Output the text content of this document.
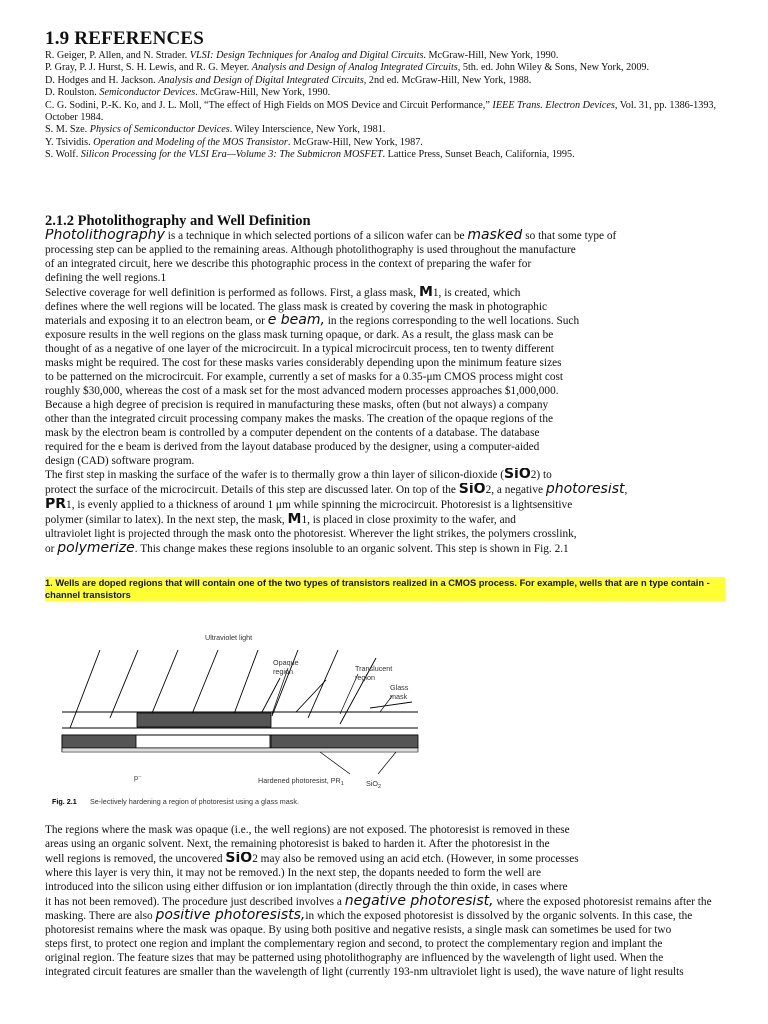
1.9 REFERENCES
R. Geiger, P. Allen, and N. Strader. VLSI: Design Techniques for Analog and Digital Circuits. McGraw-Hill, New York, 1990.
P. Gray, P. J. Hurst, S. H. Lewis, and R. G. Meyer. Analysis and Design of Analog Integrated Circuits, 5th. ed. John Wiley & Sons, New York, 2009.
D. Hodges and H. Jackson. Analysis and Design of Digital Integrated Circuits, 2nd ed. McGraw-Hill, New York, 1988.
D. Roulston. Semiconductor Devices. McGraw-Hill, New York, 1990.
C. G. Sodini, P.-K. Ko, and J. L. Moll, “The effect of High Fields on MOS Device and Circuit Performance,” IEEE Trans. Electron Devices, Vol. 31, pp. 1386-1393, October 1984.
S. M. Sze. Physics of Semiconductor Devices. Wiley Interscience, New York, 1981.
Y. Tsividis. Operation and Modeling of the MOS Transistor. McGraw-Hill, New York, 1987.
S. Wolf. Silicon Processing for the VLSI Era—Volume 3: The Submicron MOSFET. Lattice Press, Sunset Beach, California, 1995.
2.1.2 Photolithography and Well Definition
Photolithography is a technique in which selected portions of a silicon wafer can be masked so that some type of
processing step can be applied to the remaining areas. Although photolithography is used throughout the manufacture
of an integrated circuit, here we describe this photographic process in the context of preparing the wafer for
defining the well regions.1
Selective coverage for well definition is performed as follows. First, a glass mask, M1, is created, which
defines where the well regions will be located. The glass mask is created by covering the mask in photographic
materials and exposing it to an electron beam, or e beam, in the regions corresponding to the well locations. Such
exposure results in the well regions on the glass mask turning opaque, or dark. As a result, the glass mask can be
thought of as a negative of one layer of the microcircuit. In a typical microcircuit process, ten to twenty different
masks might be required. The cost for these masks varies considerably depending upon the minimum feature sizes
to be patterned on the microcircuit. For example, currently a set of masks for a 0.35-μm CMOS process might cost
roughly $30,000, whereas the cost of a mask set for the most advanced modern processes approaches $1,000,000.
Because a high degree of precision is required in manufacturing these masks, often (but not always) a company
other than the integrated circuit processing company makes the masks. The creation of the opaque regions of the
mask by the electron beam is controlled by a computer dependent on the contents of a database. The database
required for the e beam is derived from the layout database produced by the designer, using a computer-aided
design (CAD) software program.
The first step in masking the surface of the wafer is to thermally grow a thin layer of silicon-dioxide (SiO2) to
protect the surface of the microcircuit. Details of this step are discussed later. On top of the SiO2, a negative photoresist,
PR1, is evenly applied to a thickness of around 1 μm while spinning the microcircuit. Photoresist is a lightsensitive
polymer (similar to latex). In the next step, the mask, M1, is placed in close proximity to the wafer, and
ultraviolet light is projected through the mask onto the photoresist. Wherever the light strikes, the polymers crosslink,
or polymerize. This change makes these regions insoluble to an organic solvent. This step is shown in Fig. 2.1
1. Wells are doped regions that will contain one of the two types of transistors realized in a CMOS process. For example, wells that are n type contain -channel transistors
Ultraviolet light
Opaque
region	Translucent
region
Glass
mask
p⁻	Hardened photoresist, $PR_1$	SiO$_2$
Fig. 2.1 Se-lectively hardening a region of photoresist using a glass mask.
The regions where the mask was opaque (i.e., the well regions) are not exposed. The photoresist is removed in these
areas using an organic solvent. Next, the remaining photoresist is baked to harden it. After the photoresist in the
well regions is removed, the uncovered SiO2 may also be removed using an acid etch. (However, in some processes
where this layer is very thin, it may not be removed.) In the next step, the dopants needed to form the well are
introduced into the silicon using either diffusion or ion implantation (directly through the thin oxide, in cases where
it has not been removed). The procedure just described involves a negative photoresist, where the exposed photoresist remains after the
masking. There are also positive photoresists,in which the exposed photoresist is dissolved by the organic solvents. In this case, the
photoresist remains where the mask was opaque. By using both positive and negative resists, a single mask can sometimes be used for two
steps first, to protect one region and implant the complementary region and second, to protect the complementary region and implant the
original region. The feature sizes that may be patterned using photolithography are influenced by the wavelength of light used. When the
integrated circuit features are smaller than the wavelength of light (currently 193-nm ultraviolet light is used), the wave nature of light results
